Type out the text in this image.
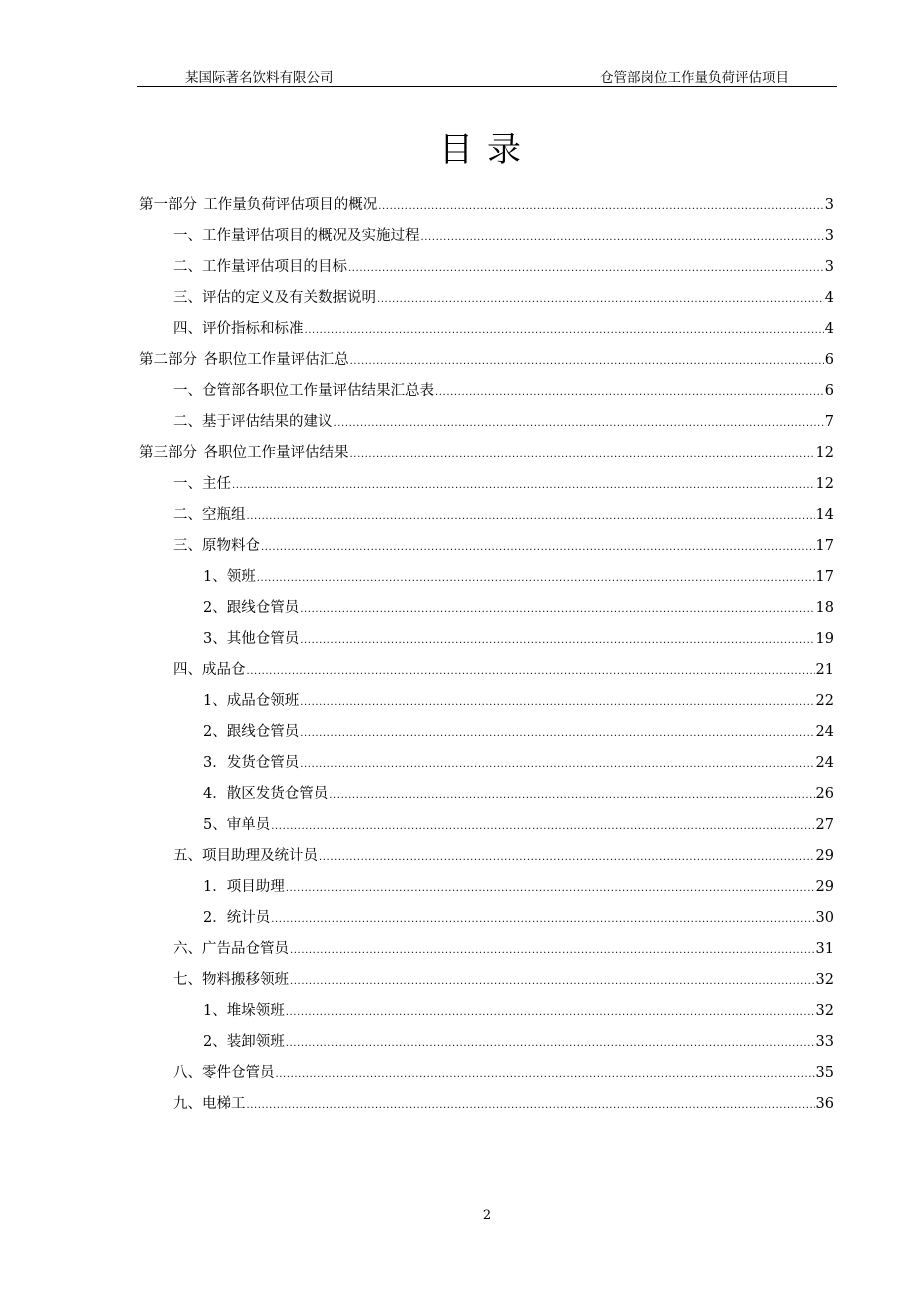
某国际著名饮料有限公司	仓管部岗位工作量负荷评估项目
目录
第一部分 工作量负荷评估项目的概况 .....	3
一、 工作量评估项目的概况及实施过程 .....	3
二、 工作量评估项目的目标 .....	3
三、 评估的定义及有关数据说明 .....	4
四、 评价指标和标准 .....	4
第二部分 各职位工作量评估汇总 .....	6
一、 仓管部各职位工作量评估结果汇总表 .....	6
二、 基于评估结果的建议 .....	7
第三部分 各职位工作量评估结果 .....	12
一、 主任 .....	12
二、 空瓶组 .....	14
三、 原物料仓 .....	17
1、 领班 .....	17
2、 跟线仓管员 .....	18
3、 其他仓管员 .....	19
四、 成品仓 .....	21
1、 成品仓领班 .....	22
2、 跟线仓管员 .....	24
3． 发货仓管员 .....	24
4． 散区发货仓管员 .....	26
5、 审单员 .....	27
五、 项目助理及统计员 .....	29
1． 项目助理 .....	29
2． 统计员 .....	30
六、 广告品仓管员 .....	31
七、 物料搬移领班 .....	32
1、 堆垛领班 .....	32
2、 装卸领班 .....	33
八、 零件仓管员 .....	35
九、 电梯工 .....	36
2
